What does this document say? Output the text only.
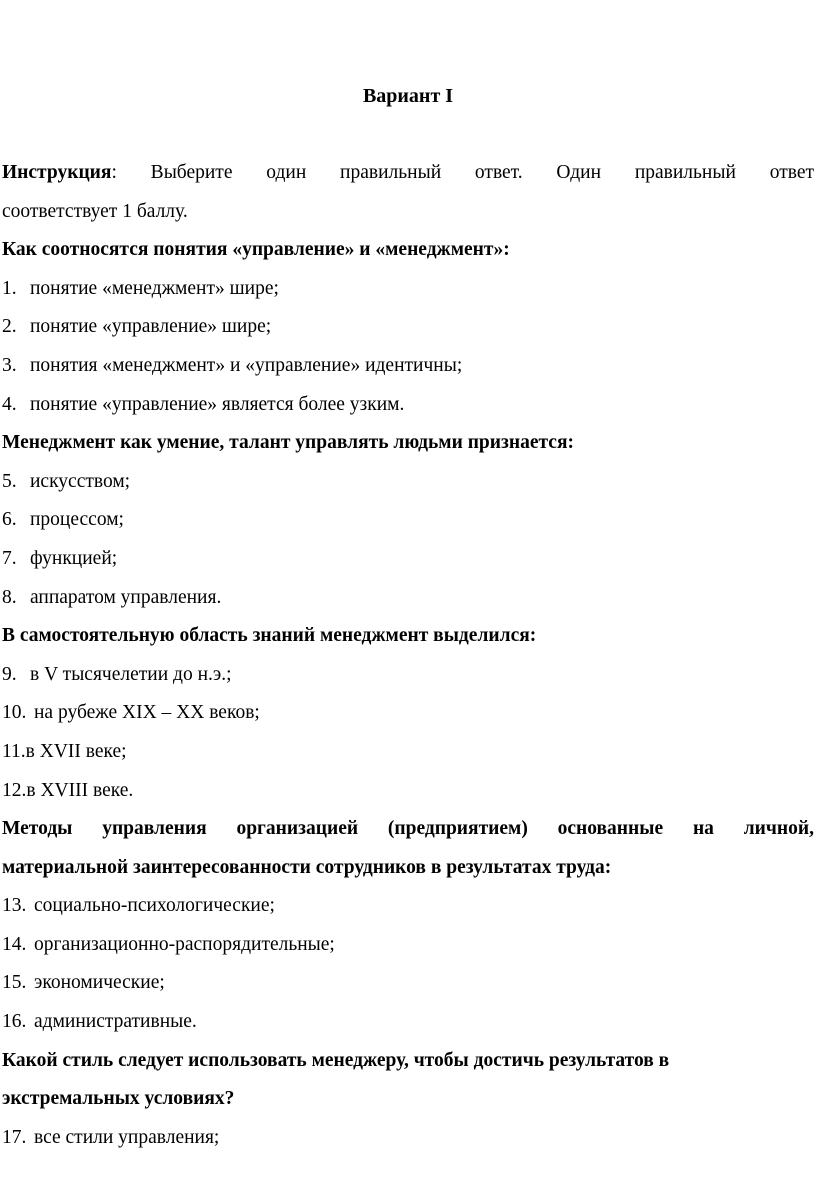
Вариант I
Инструкция: Выберите один правильный ответ. Один правильный ответ
соответствует 1 баллу.
Как соотносятся понятия «управление» и «менеджмент»:
1. понятие «менеджмент» шире;
2. понятие «управление» шире;
3. понятия «менеджмент» и «управление» идентичны;
4. понятие «управление» является более узким.
Менеджмент как умение, талант управлять людьми признается:
5. искусством;
6. процессом;
7. функцией;
8. аппаратом управления.
В самостоятельную область знаний менеджмент выделился:
9. в V тысячелетии до н.э.;
10. на рубеже XIX – XX веков;
11.в XVII веке;
12.в XVIII веке.
Методы управления организацией (предприятием) основанные на личной,
материальной заинтересованности сотрудников в результатах труда:
13. социально-психологические;
14. организационно-распорядительные;
15. экономические;
16. административные.
Какой стиль следует использовать менеджеру, чтобы достичь результатов в
экстремальных условиях?
17. все стили управления;
